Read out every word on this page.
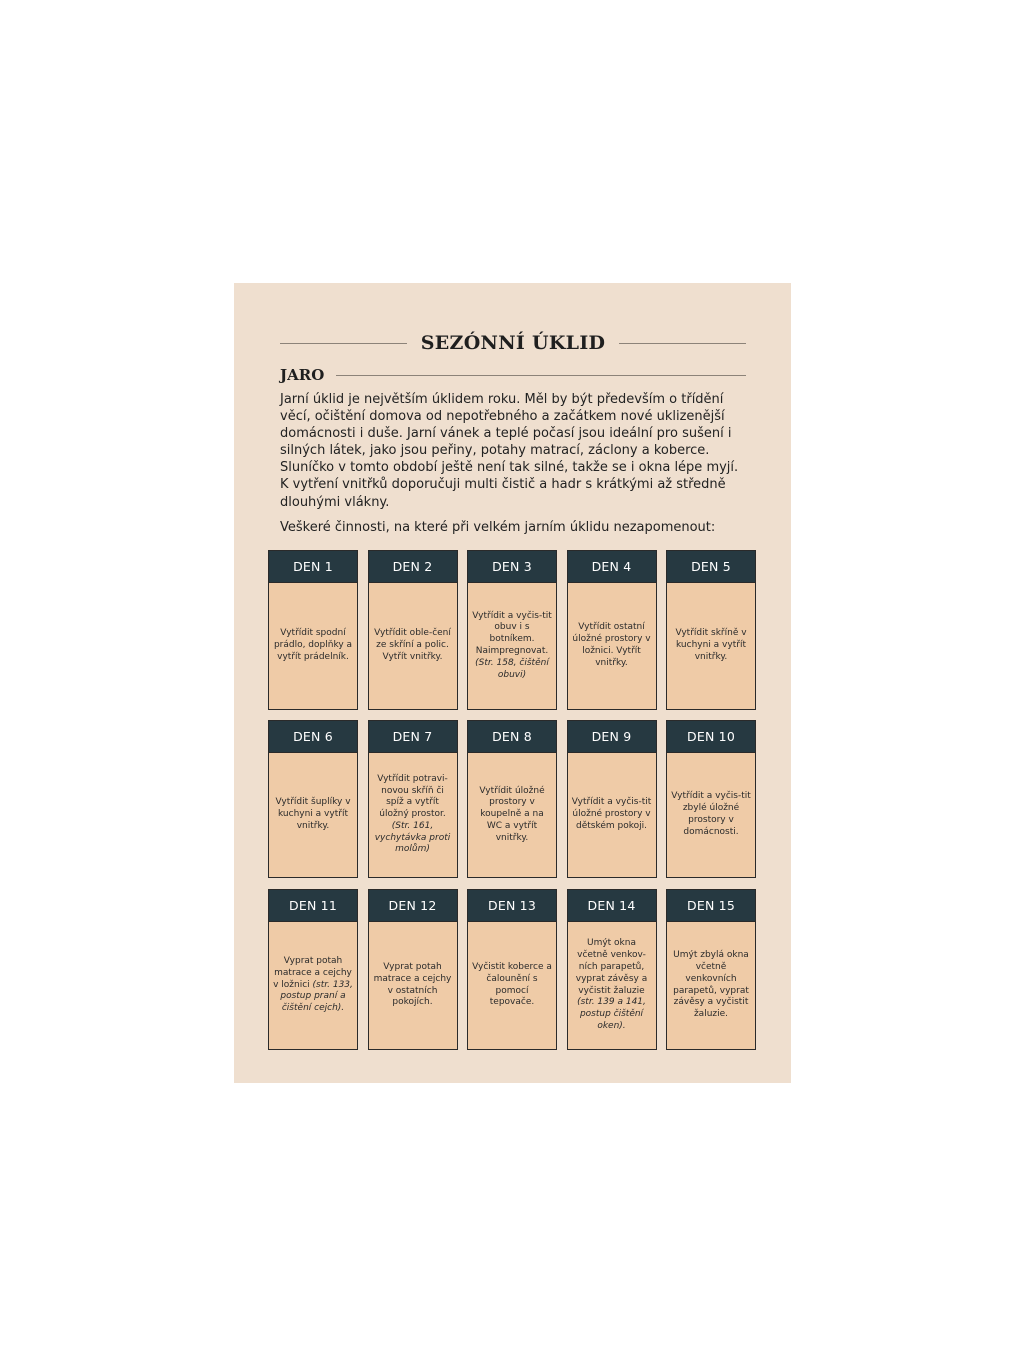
SEZÓNNÍ ÚKLID
JARO

Jarní úklid je největším úklidem roku. Měl by být především o třídění věcí, očištění domova od nepotřebného a začátkem nové uklizenější domácnosti i duše. Jarní vánek a teplé počasí jsou ideální pro sušení i silných látek, jako jsou peřiny, potahy matrací, záclony a koberce. Sluníčko v tomto období ještě není tak silné, takže se i okna lépe myjí. K vytření vnitřků doporučuji multi čistič a hadr s krátkými až středně dlouhými vlákny.

Veškeré činnosti, na které při velkém jarním úklidu nezapomenout:

DEN 1
Vytřídit spodní prádlo, doplňky a vytřít prádelník.
DEN 2
Vytřídit oble-čení ze skříní a polic. Vytřít vnitřky.
DEN 3
Vytřídit a vyčis-tit obuv i s botníkem. Naimpregnovat. (Str. 158, čištění obuvi)
DEN 4
Vytřídit ostatní úložné prostory v ložnici. Vytřít vnitřky.
DEN 5
Vytřídit skříně v kuchyni a vytřít vnitřky.
DEN 6
Vytřídit šuplíky v kuchyni a vytřít vnitřky.
DEN 7
Vytřídit potravi-novou skříň či spíž a vytřít úložný prostor. (Str. 161, vychytávka proti molům)
DEN 8
Vytřídit úložné prostory v koupelně a na WC a vytřít vnitřky.
DEN 9
Vytřídit a vyčis-tit úložné prostory v dětském pokoji.
DEN 10
Vytřídit a vyčis-tit zbylé úložné prostory v domácnosti.
DEN 11
Vyprat potah matrace a cejchy v ložnici (str. 133, postup praní a čištění cejch).
DEN 12
Vyprat potah matrace a cejchy v ostatních pokojích.
DEN 13
Vyčistit koberce a čalounění s pomocí tepovače.
DEN 14
Umýt okna včetně venkov-ních parapetů, vyprat závěsy a vyčistit žaluzie (str. 139 a 141, postup čištění oken).
DEN 15
Umýt zbylá okna včetně venkovních parapetů, vyprat závěsy a vyčistit žaluzie.
